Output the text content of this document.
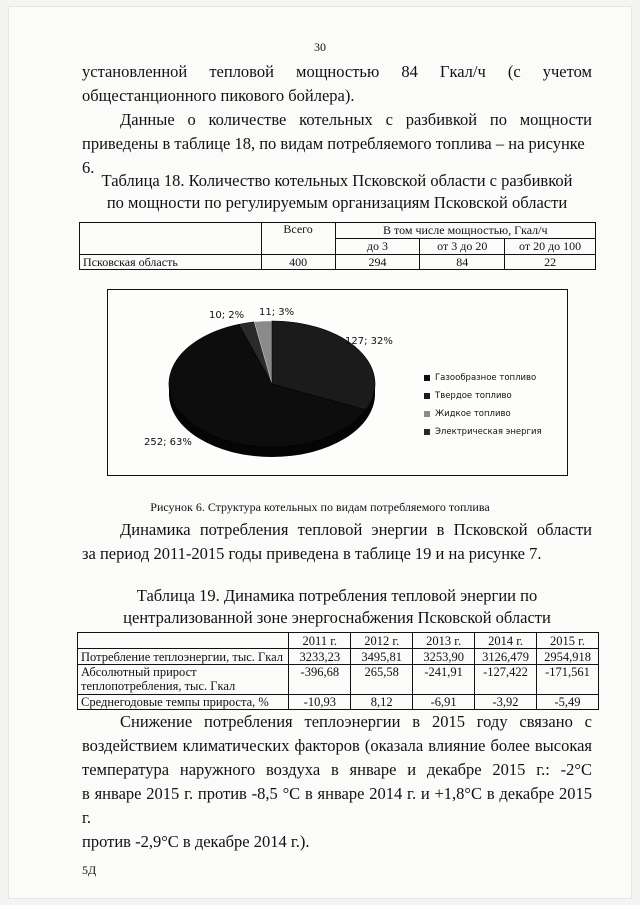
30
установленной тепловой мощностью 84 Гкал/ч (с учетом
общестанционного пикового бойлера).
Данные о количестве котельных с разбивкой по мощности
приведены в таблице 18, по видам потребляемого топлива – на рисунке 6.
Таблица 18. Количество котельных Псковской области с разбивкой
по мощности по регулируемым организациям Псковской области
	Всего	В том числе мощностью, Гкал/ч		
		до 3	от 3 до 20	от 20 до 100
Псковская область	400	294	84	22
10; 2% 11; 3%
127; 32%
252; 63%
Газообразное топливо
Твердое топливо
Жидкое топливо
Электрическая энергия
Рисунок 6. Структура котельных по видам потребляемого топлива
Динамика потребления тепловой энергии в Псковской области
за период 2011-2015 годы приведена в таблице 19 и на рисунке 7.
Таблица 19. Динамика потребления тепловой энергии по
централизованной зоне энергоснабжения Псковской области
	2011 г.	2012 г.	2013 г.	2014 г.	2015 г.
Потребление теплоэнергии, тыс. Гкал	3233,23	3495,81	3253,90	3126,479	2954,918
Абсолютный прирост теплопотребления, тыс. Гкал	-396,68	265,58	-241,91	-127,422	-171,561
Среднегодовые темпы прироста, %	-10,93	8,12	-6,91	-3,92	-5,49
Снижение потребления теплоэнергии в 2015 году связано с
воздействием климатических факторов (оказала влияние более высокая
температура наружного воздуха в январе и декабре 2015 г.: -2°С
в январе 2015 г. против -8,5 °С в январе 2014 г. и +1,8°С в декабре 2015 г.
против -2,9°С в декабре 2014 г.).
5Д
